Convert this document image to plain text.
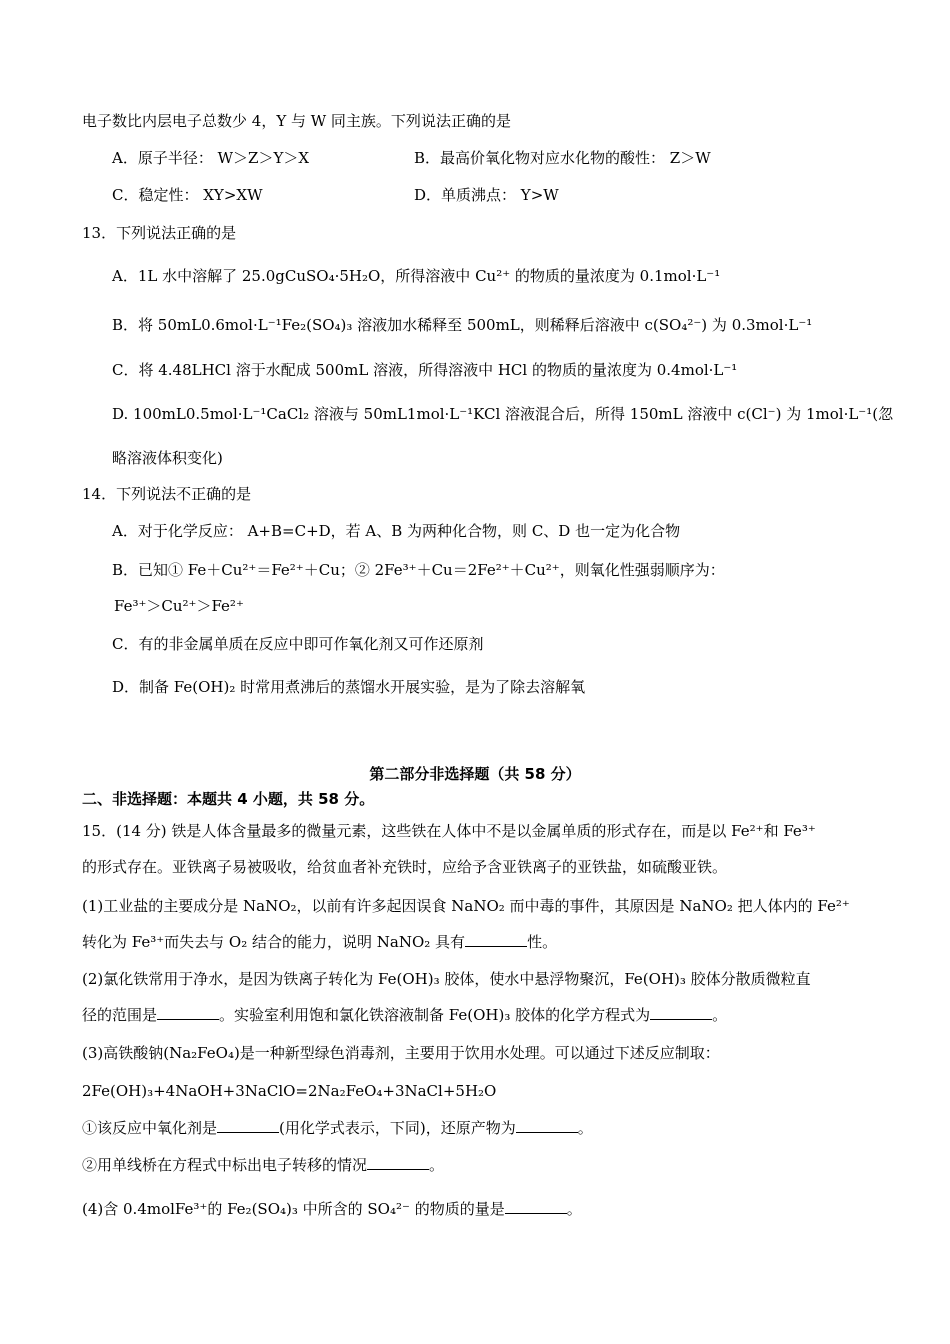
电子数比内层电子总数少 4，Y 与 W 同主族。下列说法正确的是
A．原子半径： W＞Z＞Y＞X	B．最高价氧化物对应水化物的酸性： Z＞W
C．稳定性： XY>XW	D．单质沸点： Y>W
13．下列说法正确的是
A．1L 水中溶解了 25.0gCuSO₄·5H₂O，所得溶液中 Cu²⁺ 的物质的量浓度为 0.1mol·L⁻¹
B．将 50mL0.6mol·L⁻¹Fe₂(SO₄)₃ 溶液加水稀释至 500mL，则稀释后溶液中 c(SO₄²⁻) 为 0.3mol·L⁻¹
C．将 4.48LHCl 溶于水配成 500mL 溶液，所得溶液中 HCl 的物质的量浓度为 0.4mol·L⁻¹
D. 100mL0.5mol·L⁻¹CaCl₂ 溶液与 50mL1mol·L⁻¹KCl 溶液混合后，所得 150mL 溶液中 c(Cl⁻) 为 1mol·L⁻¹(忽
略溶液体积变化)
14．下列说法不正确的是
A．对于化学反应： A+B=C+D，若 A、B 为两种化合物，则 C、D 也一定为化合物
B．已知① Fe＋Cu²⁺＝Fe²⁺＋Cu；② 2Fe³⁺＋Cu＝2Fe²⁺＋Cu²⁺，则氧化性强弱顺序为：
Fe³⁺＞Cu²⁺＞Fe²⁺
C．有的非金属单质在反应中即可作氧化剂又可作还原剂
D．制备 Fe(OH)₂ 时常用煮沸后的蒸馏水开展实验，是为了除去溶解氧
第二部分非选择题（共 58 分）
二、非选择题：本题共 4 小题，共 58 分。
15．(14 分) 铁是人体含量最多的微量元素，这些铁在人体中不是以金属单质的形式存在，而是以 Fe²⁺和 Fe³⁺
的形式存在。亚铁离子易被吸收，给贫血者补充铁时，应给予含亚铁离子的亚铁盐，如硫酸亚铁。
(1)工业盐的主要成分是 NaNO₂，以前有许多起因误食 NaNO₂ 而中毒的事件，其原因是 NaNO₂ 把人体内的 Fe²⁺
转化为 Fe³⁺而失去与 O₂ 结合的能力，说明 NaNO₂ 具有	性。
(2)氯化铁常用于净水，是因为铁离子转化为 Fe(OH)₃ 胶体，使水中悬浮物聚沉，Fe(OH)₃ 胶体分散质微粒直
径的范围是	。实验室利用饱和氯化铁溶液制备 Fe(OH)₃ 胶体的化学方程式为	。
(3)高铁酸钠(Na₂FeO₄)是一种新型绿色消毒剂，主要用于饮用水处理。可以通过下述反应制取：
2Fe(OH)₃+4NaOH+3NaClO=2Na₂FeO₄+3NaCl+5H₂O
①该反应中氧化剂是	(用化学式表示，下同)，还原产物为	。
②用单线桥在方程式中标出电子转移的情况	。
(4)含 0.4molFe³⁺的 Fe₂(SO₄)₃ 中所含的 SO₄²⁻ 的物质的量是	。
